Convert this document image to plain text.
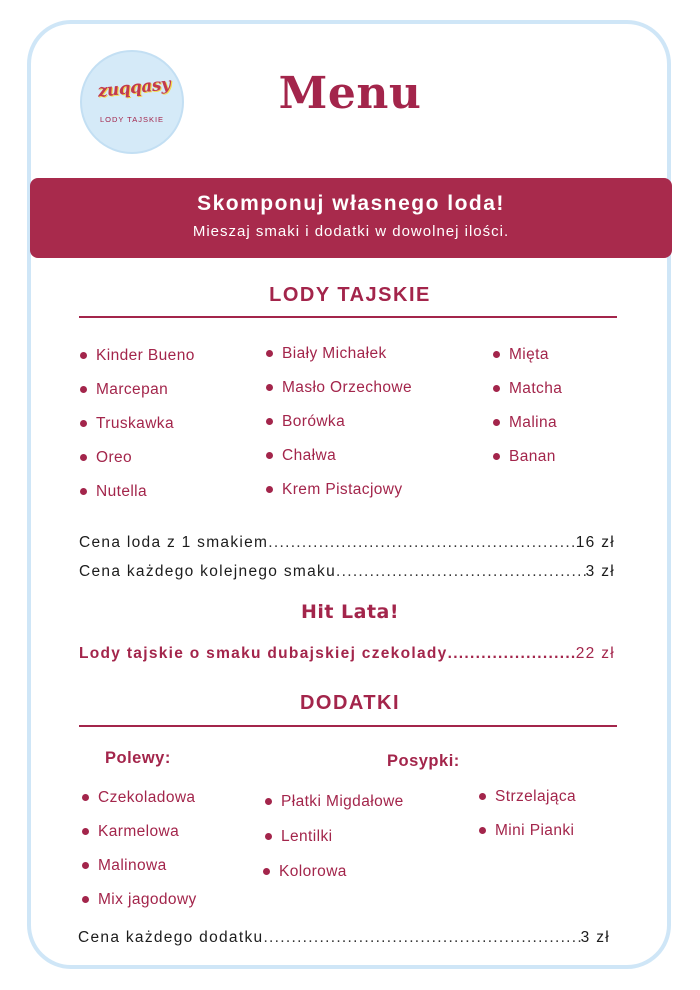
zuqqasy
LODY TAJSKIE
Menu
Skomponuj własnego loda!
Mieszaj smaki i dodatki w dowolnej ilości.
LODY TAJSKIE
Kinder Bueno
Marcepan
Truskawka
Oreo
Nutella
Biały Michałek
Masło Orzechowe
Borówka
Chałwa
Krem Pistacjowy
Mięta
Matcha
Malina
Banan
Cena loda z 1 smakiem .....	16 zł
Cena każdego kolejnego smaku .....	3 zł
Hit Lata!
Lody tajskie o smaku dubajskiej czekolady .....	22 zł
DODATKI
Polewy:	Posypki:
Czekoladowa
Karmelowa
Malinowa
Mix jagodowy
Płatki Migdałowe
Lentilki
Kolorowa
Strzelająca
Mini Pianki
Cena każdego dodatku .....	3 zł
